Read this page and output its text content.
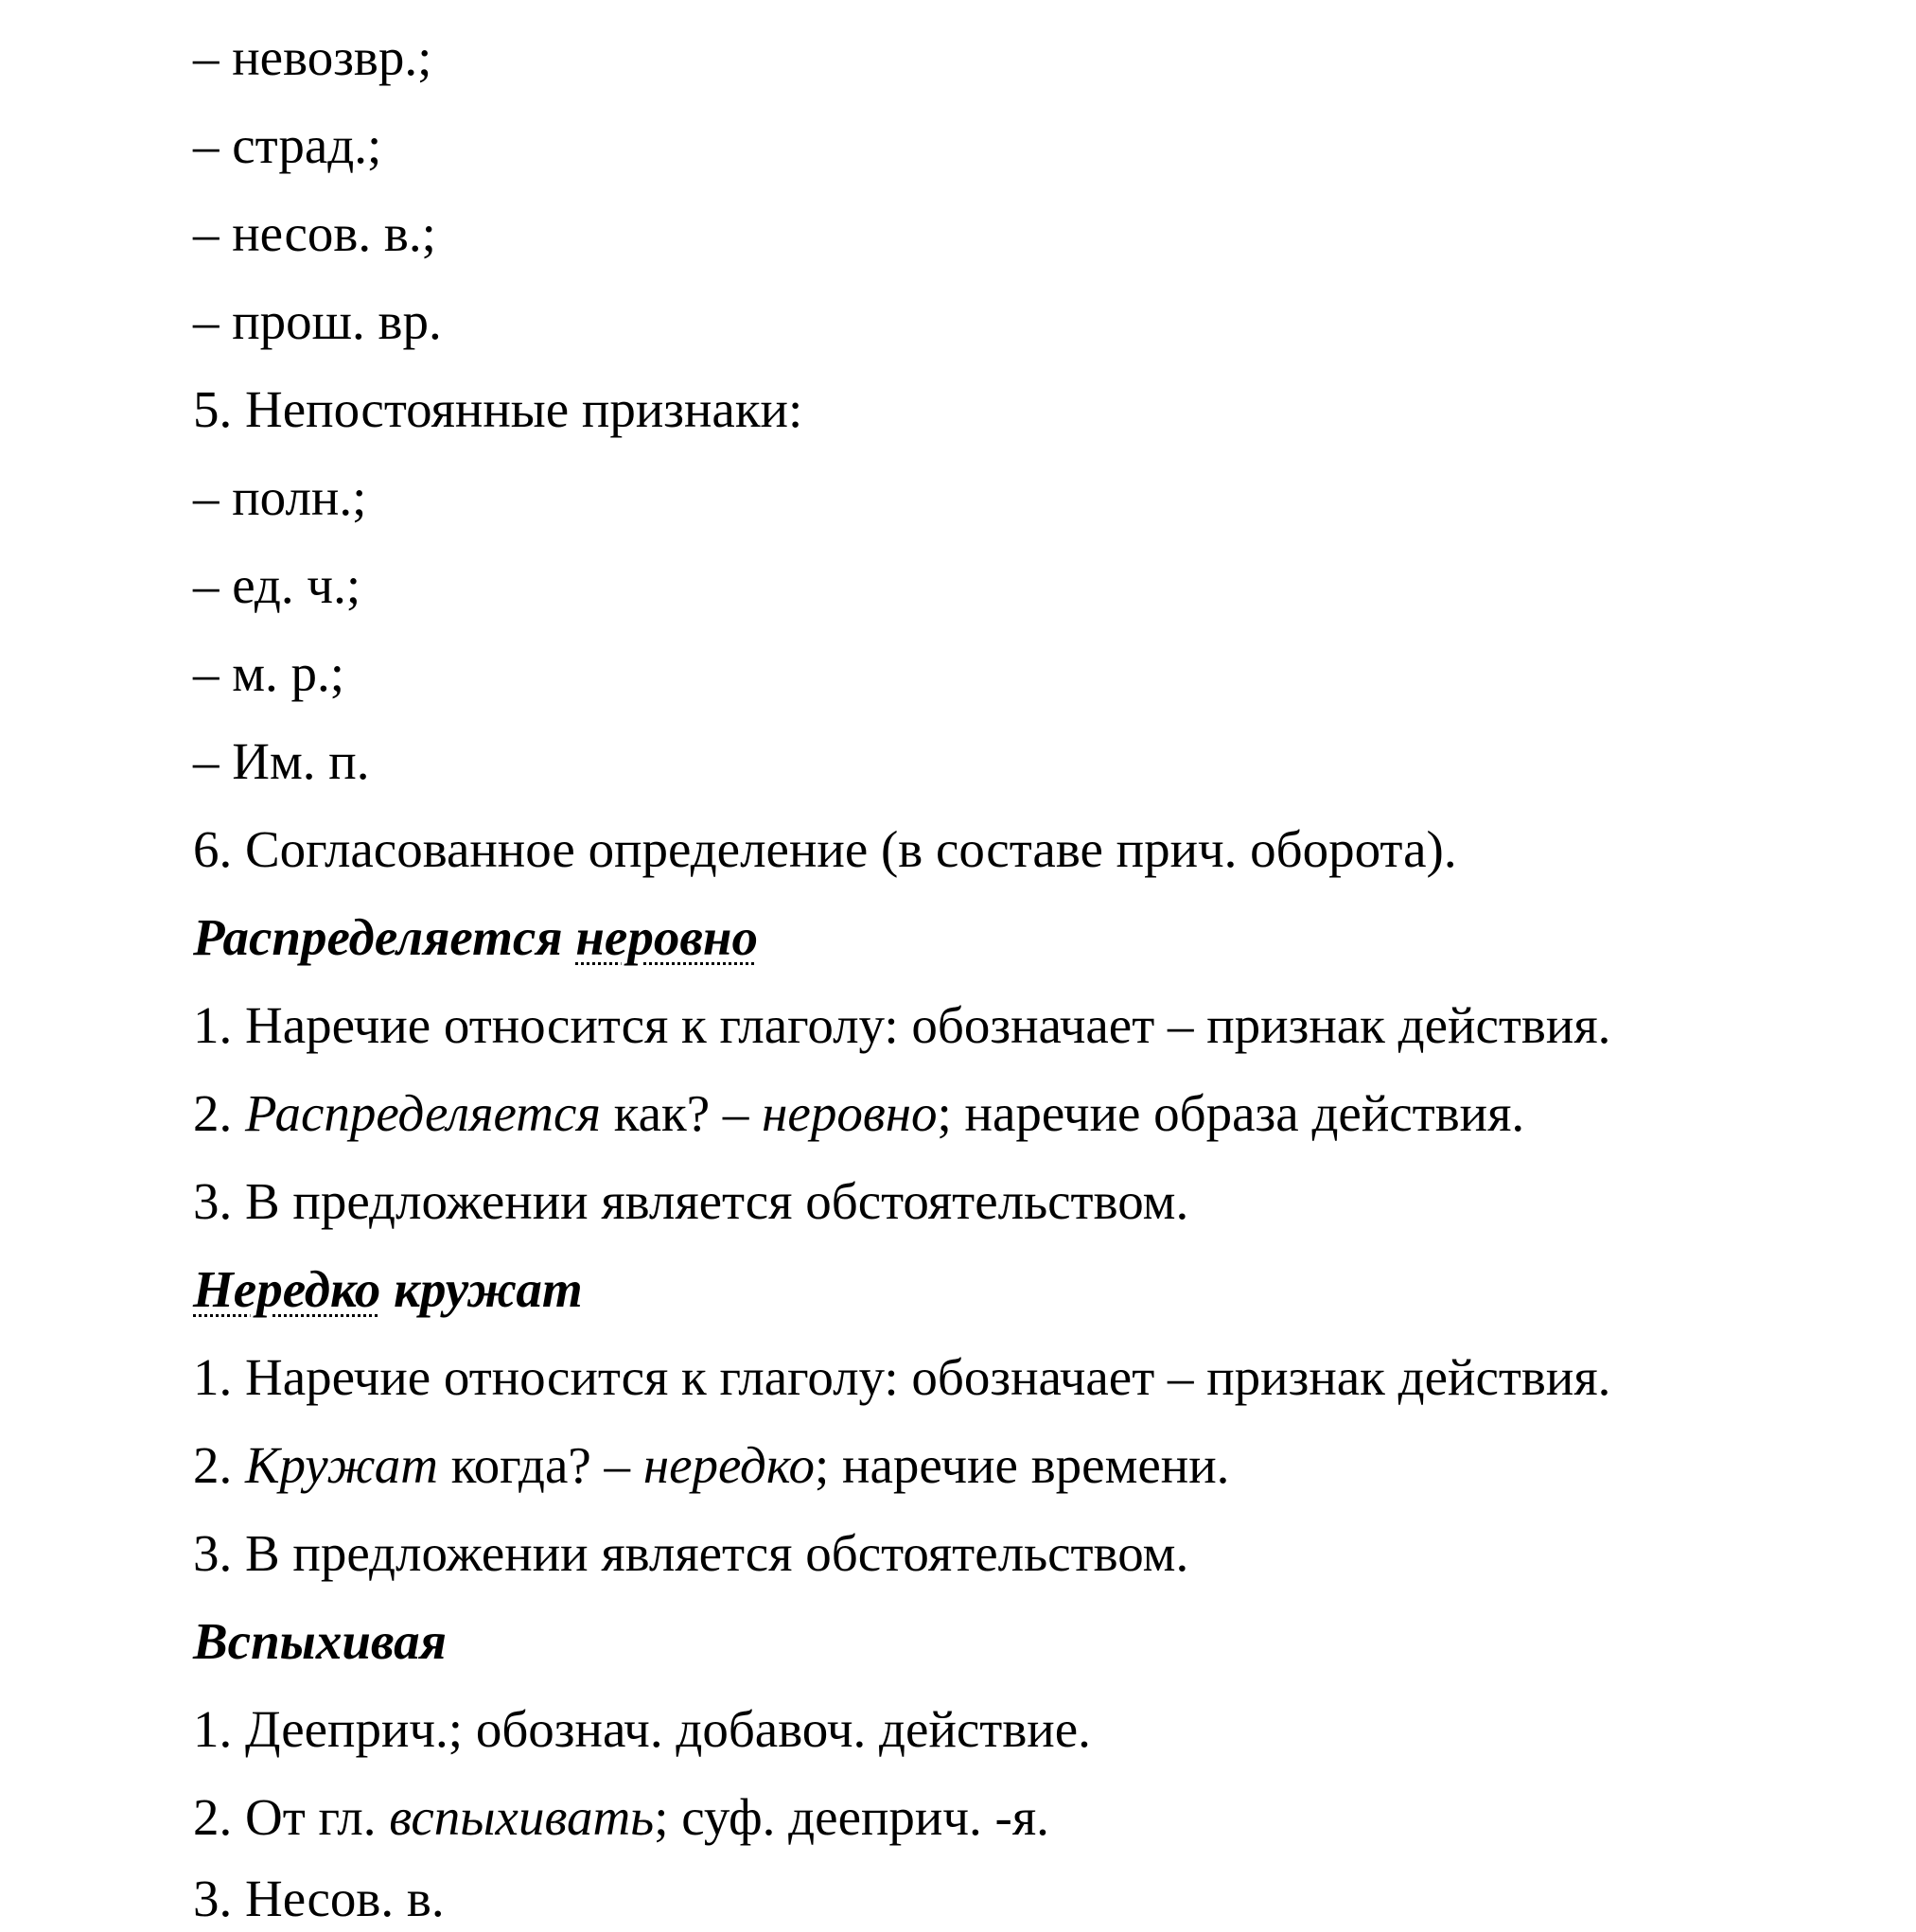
– невозвр.;
– страд.;
– несов. в.;
– прош. вр.
5. Непостоянные признаки:
– полн.;
– ед. ч.;
– м. р.;
– Им. п.
6. Согласованное определение (в составе прич. оборота).
Распределяется неровно
1. Наречие относится к глаголу: обозначает – признак действия.
2. Распределяется как? – неровно; наречие образа действия.
3. В предложении является обстоятельством.
Нередко кружат
1. Наречие относится к глаголу: обозначает – признак действия.
2. Кружат когда? – нередко; наречие времени.
3. В предложении является обстоятельством.
Вспыхивая
1. Дееприч.; обознач. добавоч. действие.
2. От гл. вспыхивать; суф. дееприч. -я.
3. Несов. в.
